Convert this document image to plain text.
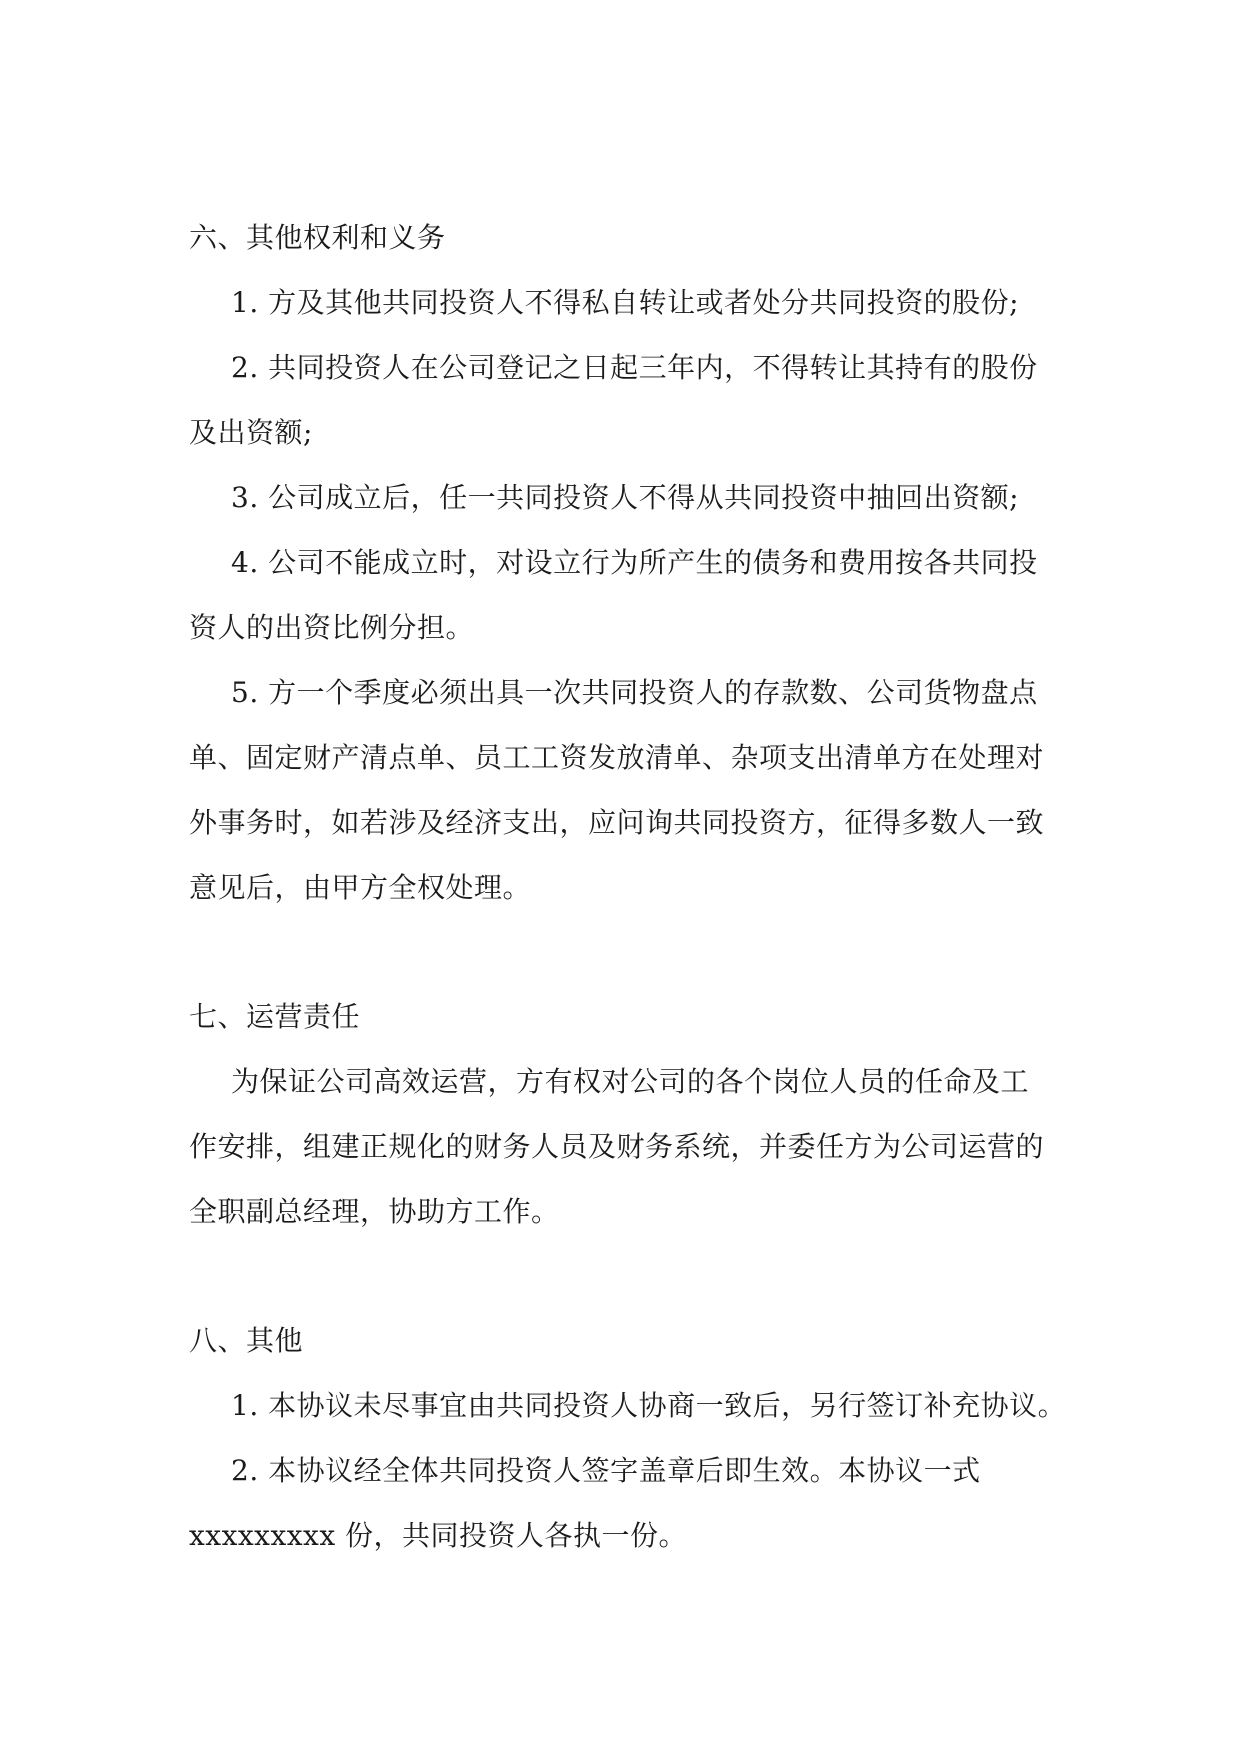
六、其他权利和义务
1. 方及其他共同投资人不得私自转让或者处分共同投资的股份;
2. 共同投资人在公司登记之日起三年内，不得转让其持有的股份
及出资额;
3. 公司成立后，任一共同投资人不得从共同投资中抽回出资额;
4. 公司不能成立时，对设立行为所产生的债务和费用按各共同投
资人的出资比例分担。
5. 方一个季度必须出具一次共同投资人的存款数、公司货物盘点
单、固定财产清点单、员工工资发放清单、杂项支出清单方在处理对
外事务时，如若涉及经济支出，应问询共同投资方，征得多数人一致
意见后，由甲方全权处理。
七、运营责任
为保证公司高效运营，方有权对公司的各个岗位人员的任命及工
作安排，组建正规化的财务人员及财务系统，并委任方为公司运营的
全职副总经理，协助方工作。
八、其他
1. 本协议未尽事宜由共同投资人协商一致后，另行签订补充协议。
2. 本协议经全体共同投资人签字盖章后即生效。本协议一式
xxxxxxxxx 份，共同投资人各执一份。
